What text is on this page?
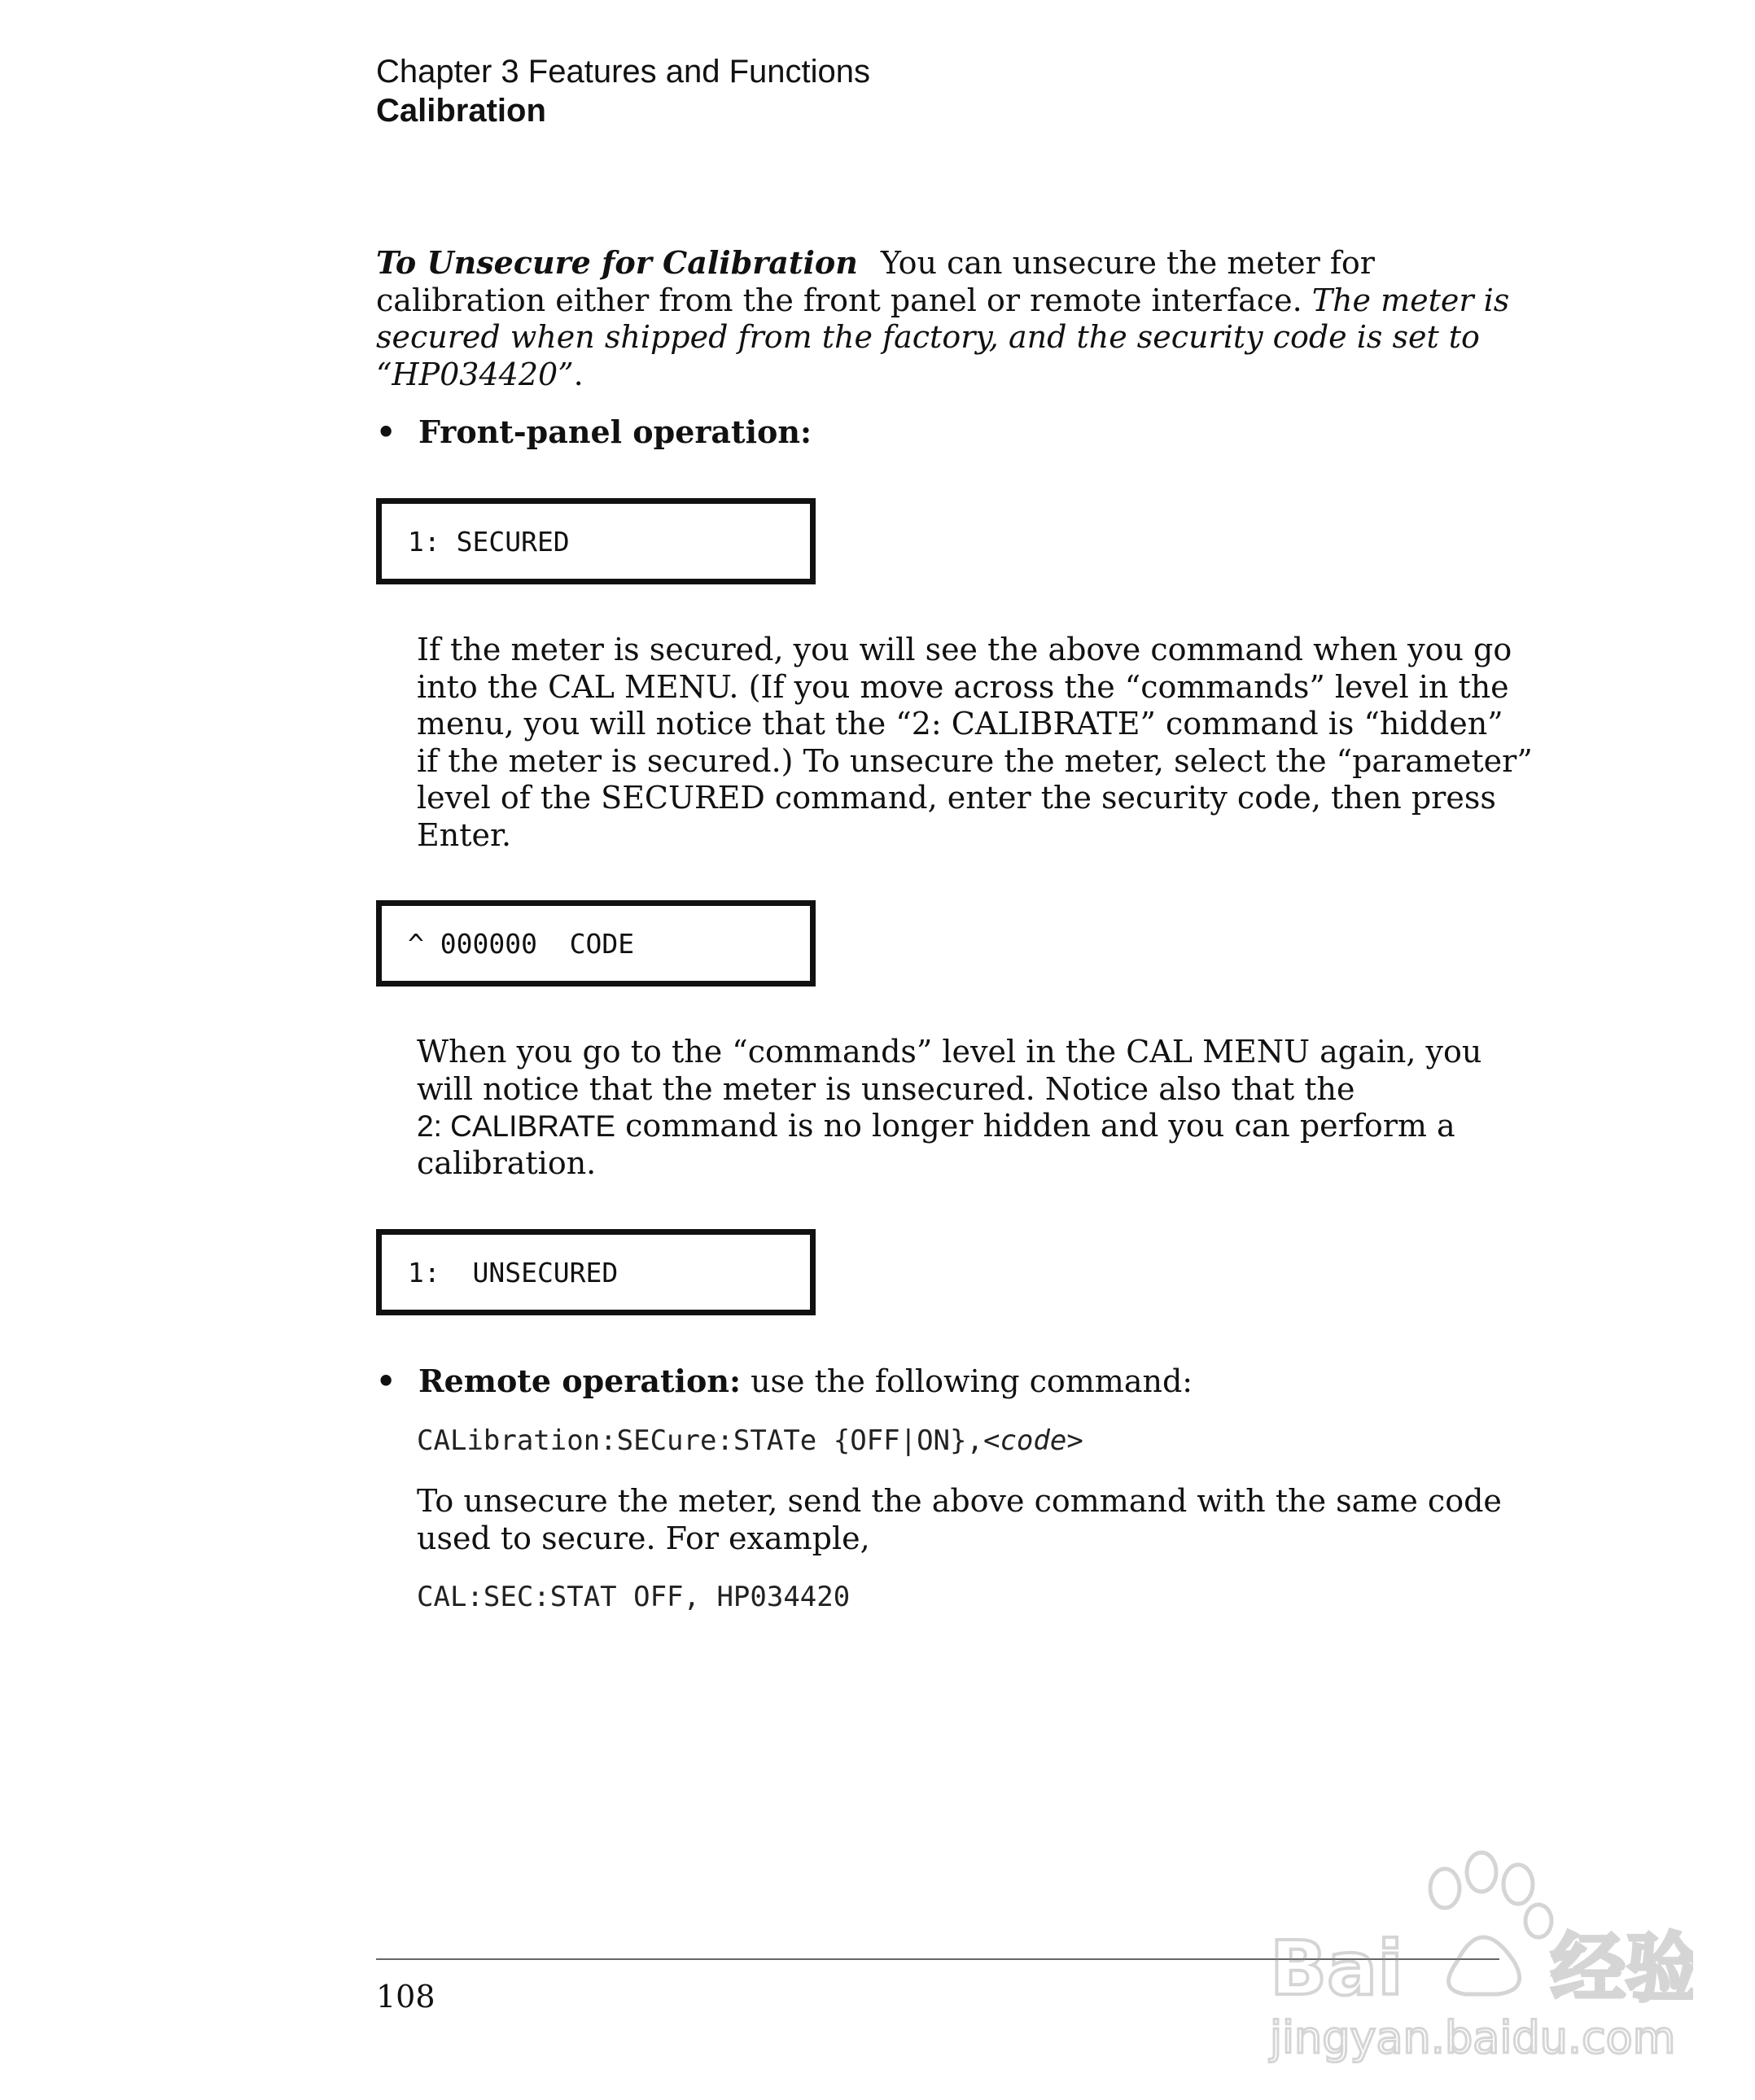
Chapter 3 Features and Functions
Calibration
To Unsecure for Calibration You can unsecure the meter for
calibration either from the front panel or remote interface. The meter is
secured when shipped from the factory, and the security code is set to
“HP034420”.
• Front-panel operation:
1: SECURED
If the meter is secured, you will see the above command when you go
into the CAL MENU. (If you move across the “commands” level in the
menu, you will notice that the “2: CALIBRATE” command is “hidden”
if the meter is secured.) To unsecure the meter, select the “parameter”
level of the SECURED command, enter the security code, then press
Enter.
^ 000000  CODE
When you go to the “commands” level in the CAL MENU again, you
will notice that the meter is unsecured. Notice also that the
2: CALIBRATE command is no longer hidden and you can perform a
calibration.
1:  UNSECURED
• Remote operation: use the following command:
CALibration:SECure:STATe {OFF|ON},<code>
To unsecure the meter, send the above command with the same code
used to secure. For example,
CAL:SEC:STAT OFF, HP034420
108	Bai 经验
jingyan.baidu.com
